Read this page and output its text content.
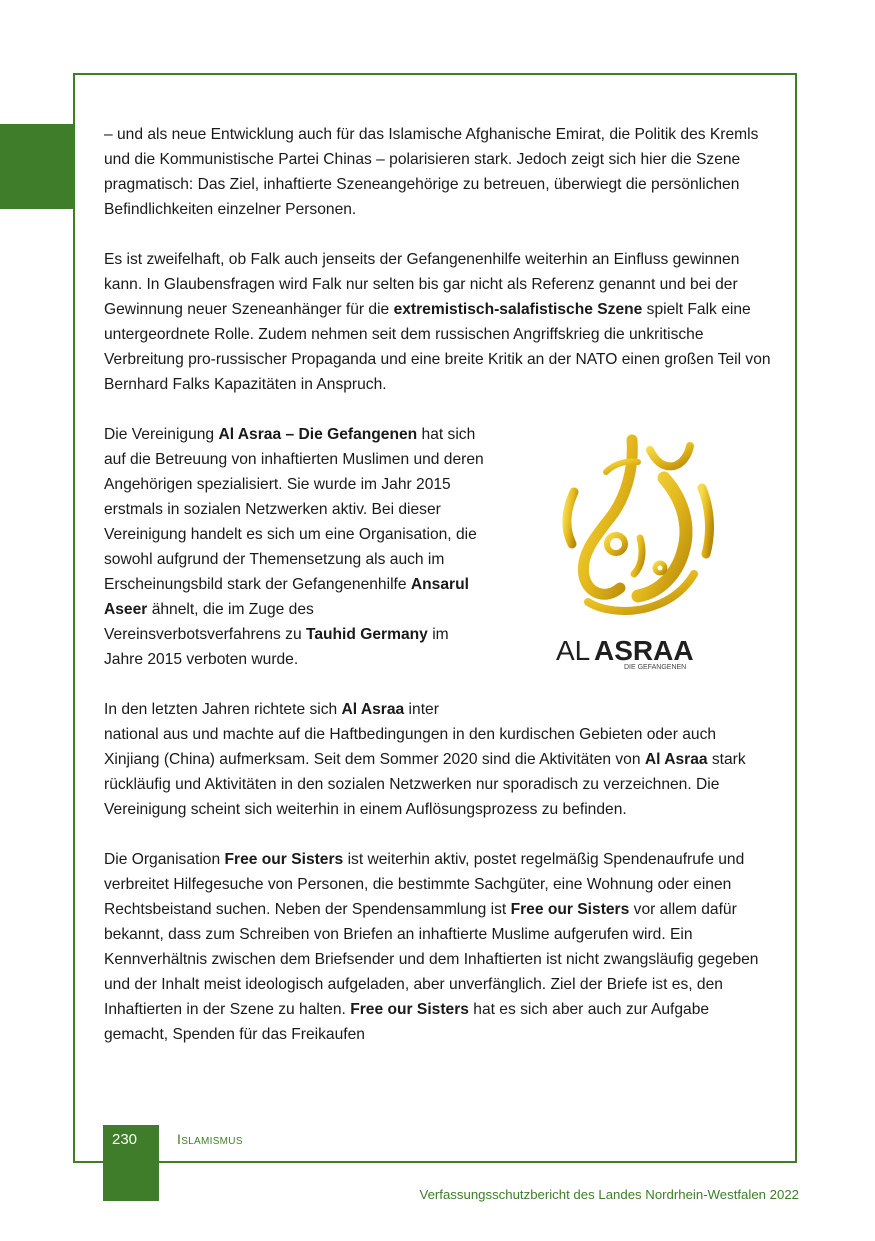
– und als neue Entwicklung auch für das Islamische Afghanische Emirat, die Politik des Kremls und die Kommunistische Partei Chinas – polarisieren stark. Jedoch zeigt sich hier die Szene pragmatisch: Das Ziel, inhaftierte Szeneangehörige zu betreuen, überwiegt die persönlichen Befindlichkeiten einzelner Personen.

Es ist zweifelhaft, ob Falk auch jenseits der Gefangenenhilfe weiterhin an Einfluss gewinnen kann. In Glaubensfragen wird Falk nur selten bis gar nicht als Referenz genannt und bei der Gewinnung neuer Szeneanhänger für die extremistisch-salafistische Szene spielt Falk eine untergeordnete Rolle. Zudem nehmen seit dem russischen Angriffskrieg die unkritische Verbreitung pro-russischer Propaganda und eine breite Kritik an der NATO einen großen Teil von Bernhard Falks Kapazitäten in Anspruch.

Die Vereinigung Al Asraa – Die Gefangenen hat sich auf die Betreuung von inhaftierten Muslimen und deren Angehörigen spezialisiert. Sie wurde im Jahr 2015 erstmals in sozialen Netzwerken aktiv. Bei dieser Vereinigung handelt es sich um eine Organisation, die sowohl aufgrund der Themensetzung als auch im Erscheinungsbild stark der Gefangenenhilfe Ansarul Aseer ähnelt, die im Zuge des Vereinsverbotsverfahrens zu Tauhid Germany im Jahre 2015 verboten wurde.

In den letzten Jahren richtete sich Al Asraa inter
national aus und machte auf die Haftbedingungen in den kurdischen Gebieten oder auch Xinjiang (China) aufmerksam. Seit dem Sommer 2020 sind die Aktivitäten von Al Asraa stark rückläufig und Aktivitäten in den sozialen Netzwerken nur sporadisch zu verzeichnen. Die Vereinigung scheint sich weiterhin in einem Auflösungsprozess zu befinden.

Die Organisation Free our Sisters ist weiterhin aktiv, postet regelmäßig Spendenaufrufe und verbreitet Hilfegesuche von Personen, die bestimmte Sachgüter, eine Wohnung oder einen Rechtsbeistand suchen. Neben der Spendensammlung ist Free our Sisters vor allem dafür bekannt, dass zum Schreiben von Briefen an inhaftierte Muslime aufgerufen wird. Ein Kennverhältnis zwischen dem Briefsender und dem Inhaftierten ist nicht zwangsläufig gegeben und der Inhalt meist ideologisch aufgeladen, aber unverfänglich. Ziel der Briefe ist es, den Inhaftierten in der Szene zu halten. Free our Sisters hat es sich aber auch zur Aufgabe gemacht, Spenden für das Freikaufen

AL ASRAA
DIE GEFANGENEN
230	Islamismus
Verfassungsschutzbericht des Landes Nordrhein-Westfalen 2022
